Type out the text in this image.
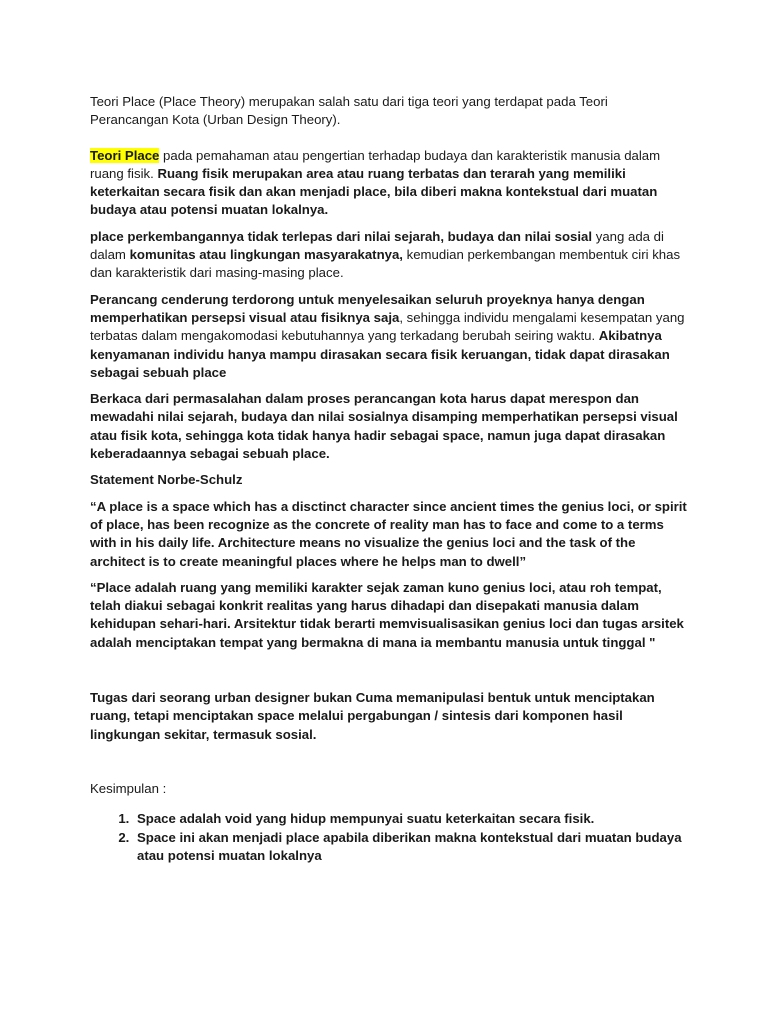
Teori Place (Place Theory) merupakan salah satu dari tiga teori yang terdapat pada Teori Perancangan Kota (Urban Design Theory).

Teori Place pada pemahaman atau pengertian terhadap budaya dan karakteristik manusia dalam ruang fisik. Ruang fisik merupakan area atau ruang terbatas dan terarah yang memiliki keterkaitan secara fisik dan akan menjadi place, bila diberi makna kontekstual dari muatan budaya atau potensi muatan lokalnya.

place perkembangannya tidak terlepas dari nilai sejarah, budaya dan nilai sosial yang ada di dalam komunitas atau lingkungan masyarakatnya, kemudian perkembangan membentuk ciri khas dan karakteristik dari masing-masing place.

Perancang cenderung terdorong untuk menyelesaikan seluruh proyeknya hanya dengan memperhatikan persepsi visual atau fisiknya saja, sehingga individu mengalami kesempatan yang terbatas dalam mengakomodasi kebutuhannya yang terkadang berubah seiring waktu. Akibatnya kenyamanan individu hanya mampu dirasakan secara fisik keruangan, tidak dapat dirasakan sebagai sebuah place

Berkaca dari permasalahan dalam proses perancangan kota harus dapat merespon dan mewadahi nilai sejarah, budaya dan nilai sosialnya disamping memperhatikan persepsi visual atau fisik kota, sehingga kota tidak hanya hadir sebagai space, namun juga dapat dirasakan keberadaannya sebagai sebuah place.

Statement Norbe-Schulz

“A place is a space which has a disctinct character since ancient times the genius loci, or spirit of place, has been recognize as the concrete of reality man has to face and come to a terms with in his daily life. Architecture means no visualize the genius loci and the task of the architect is to create meaningful places where he helps man to dwell”

“Place adalah ruang yang memiliki karakter sejak zaman kuno genius loci, atau roh tempat, telah diakui sebagai konkrit realitas yang harus dihadapi dan disepakati manusia dalam kehidupan sehari-hari. Arsitektur tidak berarti memvisualisasikan genius loci dan tugas arsitek adalah menciptakan tempat yang bermakna di mana ia membantu manusia untuk tinggal "

Tugas dari seorang urban designer bukan Cuma memanipulasi bentuk untuk menciptakan ruang, tetapi menciptakan space melalui pergabungan / sintesis dari komponen hasil lingkungan sekitar, termasuk sosial.

Kesimpulan :

1. Space adalah void yang hidup mempunyai suatu keterkaitan secara fisik.
2. Space ini akan menjadi place apabila diberikan makna kontekstual dari muatan budaya atau potensi muatan lokalnya
